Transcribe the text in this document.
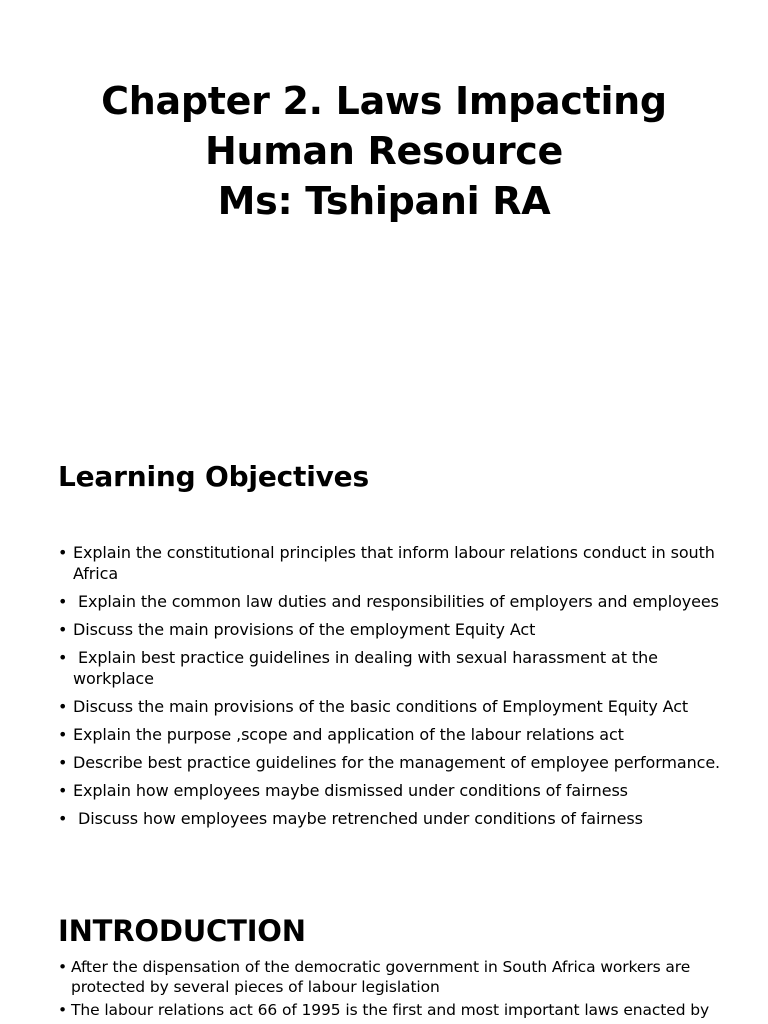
Chapter 2. Laws Impacting
Human Resource
Ms: Tshipani RA
Learning Objectives
• Explain the constitutional principles that inform labour relations conduct in south Africa
•  Explain the common law duties and responsibilities of employers and employees
• Discuss the main provisions of the employment Equity Act
•  Explain best practice guidelines in dealing with sexual harassment at the workplace
• Discuss the main provisions of the basic conditions of Employment Equity Act
• Explain the purpose ,scope and application of the labour relations act
• Describe best practice guidelines for the management of employee performance.
• Explain how employees maybe dismissed under conditions of fairness
•  Discuss how employees maybe retrenched under conditions of fairness
INTRODUCTION
• After the dispensation of the democratic government in South Africa workers are protected by several pieces of labour legislation
• The labour relations act 66 of 1995 is the first and most important laws enacted by
